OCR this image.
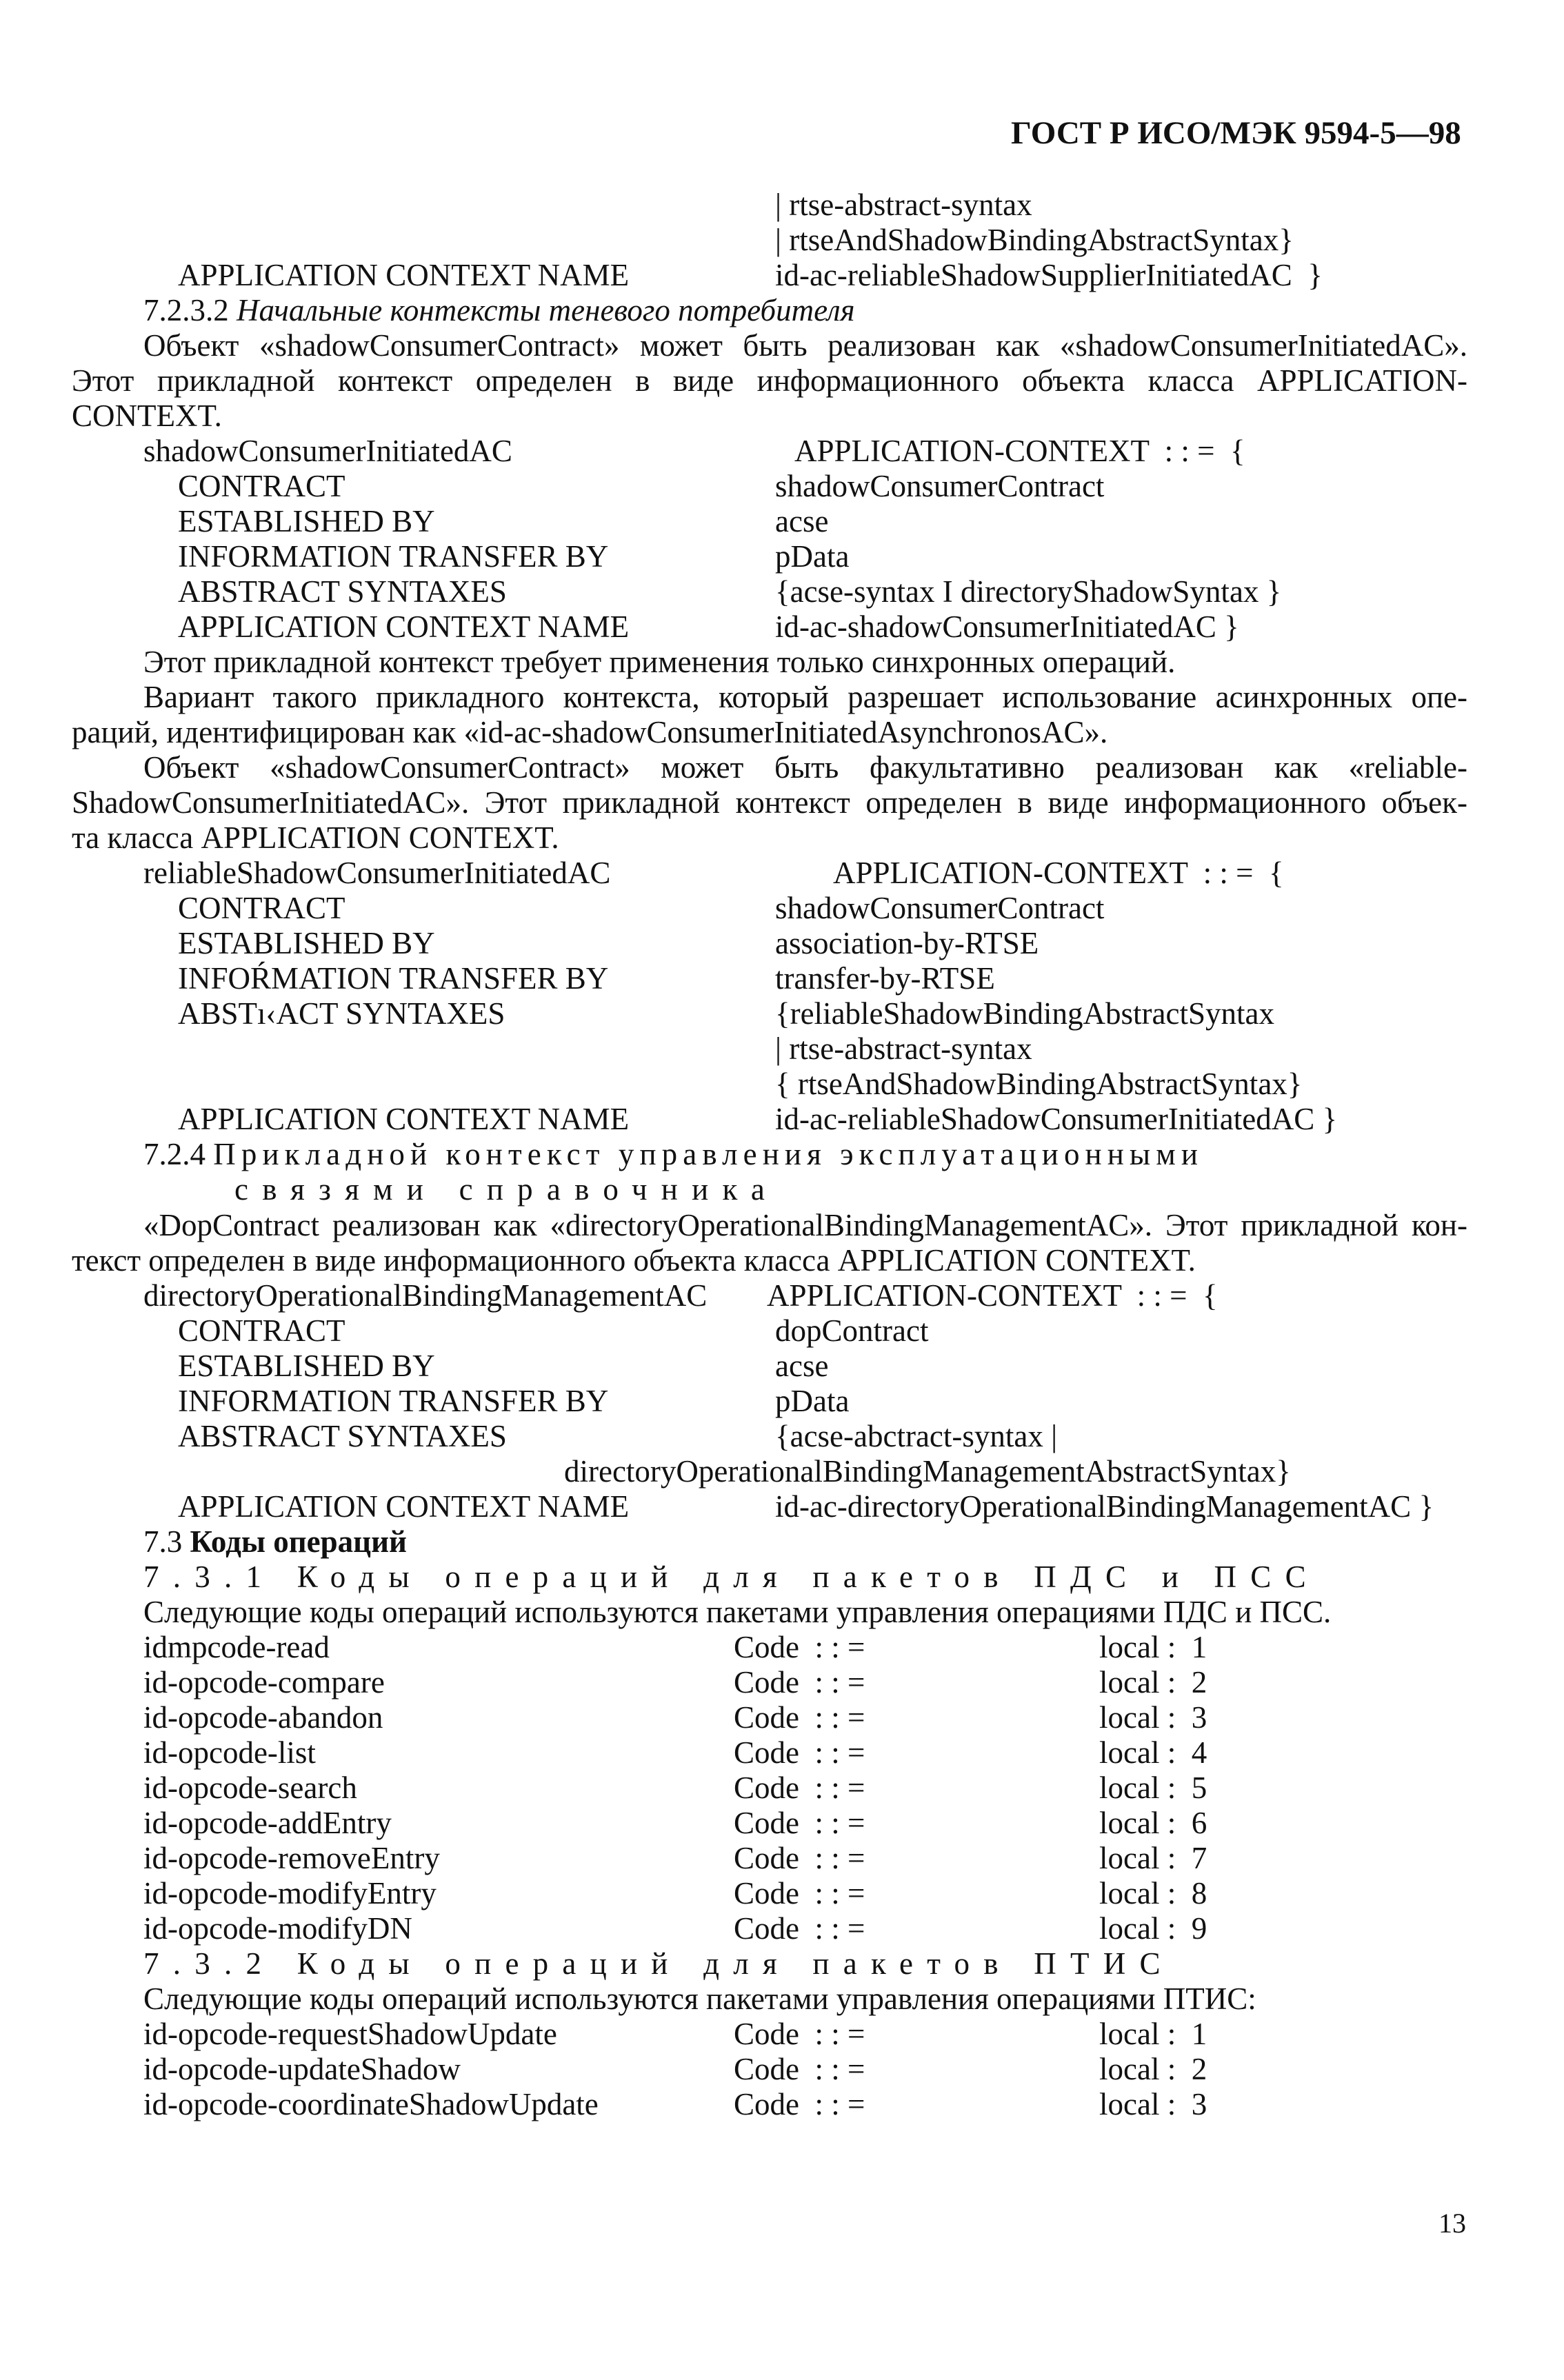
ГОСТ Р ИСО/МЭК 9594-5—98
| rtse-abstract-syntax
| rtseAndShadowBindingAbstractSyntax}
APPLICATION CONTEXT NAME	id-ac-reliableShadowSupplierInitiatedAC  }
7.2.3.2 Начальные контексты теневого потребителя
Объект «shadowConsumerContract» может быть реализован как «shadowConsumerInitiatedAC».
Этот прикладной контекст определен в виде информационного объекта класса APPLICATION-
CONTEXT.
shadowConsumerInitiatedAC	APPLICATION-CONTEXT  : : =  {
CONTRACT	shadowConsumerContract
ESTABLISHED BY	acse
INFORMATION TRANSFER BY	pData
ABSTRACT SYNTAXES	{acse-syntax I directoryShadowSyntax }
APPLICATION CONTEXT NAME	id-ac-shadowConsumerInitiatedAC }
Этот прикладной контекст требует применения только синхронных операций.
Вариант такого прикладного контекста, который разрешает использование асинхронных опе-
раций, идентифицирован как «id-ac-shadowConsumerInitiatedAsynchronosAC».
Объект «shadowConsumerContract» может быть факультативно реализован как «reliable-
ShadowConsumerInitiatedAC». Этот прикладной контекст определен в виде информационного объек-
та класса APPLICATION CONTEXT.
reliableShadowConsumerInitiatedAC	APPLICATION-CONTEXT  : : =  {
CONTRACT	shadowConsumerContract
ESTABLISHED BY	association-by-RTSE
INFOŔMATION TRANSFER BY	transfer-by-RTSE
ABSTı‹ACT SYNTAXES	{reliableShadowBindingAbstractSyntax
| rtse-abstract-syntax
{ rtseAndShadowBindingAbstractSyntax}
APPLICATION CONTEXT NAME	id-ac-reliableShadowConsumerInitiatedAC }
7.2.4 Прикладной контекст управления эксплуатационными
связями справочника
«DopContract реализован как «directoryOperationalBindingManagementAC». Этот прикладной кон-
текст определен в виде информационного объекта класса APPLICATION CONTEXT.
directoryOperationalBindingManagementAC APPLICATION-CONTEXT  : : =  {
CONTRACT	dopContract
ESTABLISHED BY	acse
INFORMATION TRANSFER BY	pData
ABSTRACT SYNTAXES	{acse-abctract-syntax |
directoryOperationalBindingManagementAbstractSyntax}
APPLICATION CONTEXT NAME	id-ac-directoryOperationalBindingManagementAC }
7.3 Коды операций
7.3.1 Коды операций для пакетов ПДС и ПСС
Следующие коды операций используются пакетами управления операциями ПДС и ПСС.
idmpcode-read	Code  : : =	local :  1
id-opcode-compare	Code  : : =	local :  2
id-opcode-abandon	Code  : : =	local :  3
id-opcode-list	Code  : : =	local :  4
id-opcode-search	Code  : : =	local :  5
id-opcode-addEntry	Code  : : =	local :  6
id-opcode-removeEntry	Code  : : =	local :  7
id-opcode-modifyEntry	Code  : : =	local :  8
id-opcode-modifyDN	Code  : : =	local :  9
7.3.2 Коды операций для пакетов ПТИС
Следующие коды операций используются пакетами управления операциями ПТИС:
id-opcode-requestShadowUpdate	Code  : : =	local :  1
id-opcode-updateShadow	Code  : : =	local :  2
id-opcode-coordinateShadowUpdate	Code  : : =	local :  3
13
